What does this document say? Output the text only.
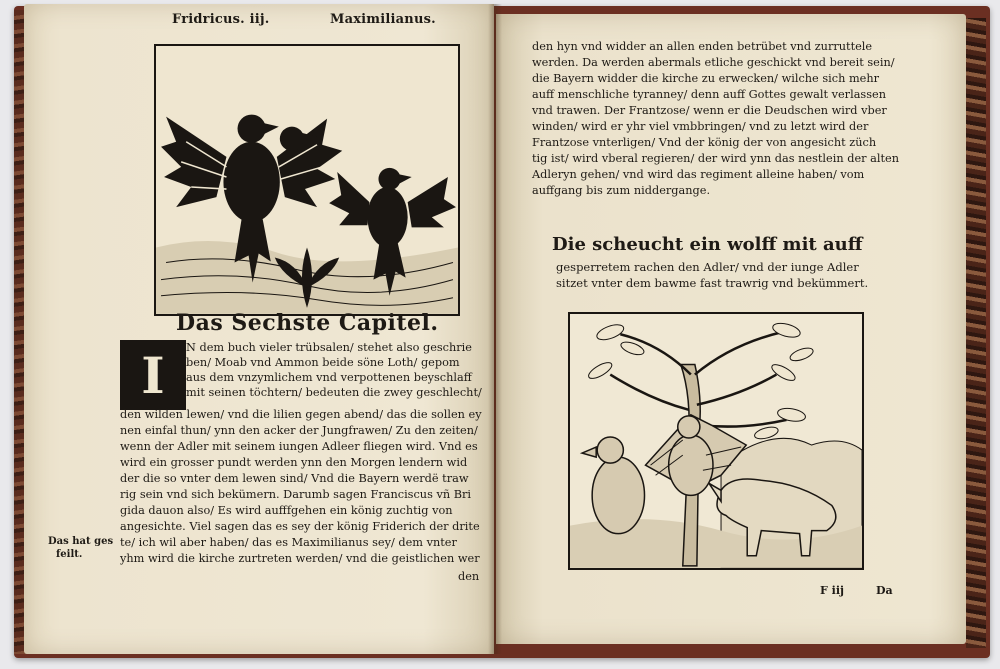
Fridricus. iij.	Maximilianus.
Das Sechste Capitel.
I	N dem buch vieler trübsalen/ stehet also geschrie
ben/ Moab vnd Ammon beide söne Loth/ gepom
aus dem vnzymlichem vnd verpottenen beyschlaff
mit seinen töchtern/ bedeuten die zwey geschlecht/
den wilden lewen/ vnd die lilien gegen abend/ das die sollen ey
nen einfal thun/ ynn den acker der Jungfrawen/ Zu den zeiten/
wenn der Adler mit seinem iungen Adleer fliegen wird. Vnd es
wird ein grosser pundt werden ynn den Morgen lendern wid
der die so vnter dem lewen sind/ Vnd die Bayern werdë traw
rig sein vnd sich bekümern. Darumb sagen Franciscus vñ Bri
gida dauon also/ Es wird aufffgehen ein könig zuchtig von
angesichte. Viel sagen das es sey der könig Friderich der drite
te/ ich wil aber haben/ das es Maximilianus sey/ dem vnter
yhm wird die kirche zurtreten werden/ vnd die geistlichen wer
den
Das hat ges
feilt.
den hyn vnd widder an allen enden betrübet vnd zurruttele
werden. Da werden abermals etliche geschickt vnd bereit sein/
die Bayern widder die kirche zu erwecken/ wilche sich mehr
auff menschliche tyranney/ denn auff Gottes gewalt verlassen
vnd trawen. Der Frantzose/ wenn er die Deudschen wird vber
winden/ wird er yhr viel vmbbringen/ vnd zu letzt wird der
Frantzose vnterligen/ Vnd der könig der von angesicht züch
tig ist/ wird vberal regieren/ der wird ynn das nestlein der alten
Adleryn gehen/ vnd wird das regiment alleine haben/ vom
auffgang bis zum niddergange.
Die scheucht ein wolff mit auff
gesperretem rachen den Adler/ vnd der iunge Adler
sitzet vnter dem bawme fast trawrig vnd bekümmert.
F iij	Da
